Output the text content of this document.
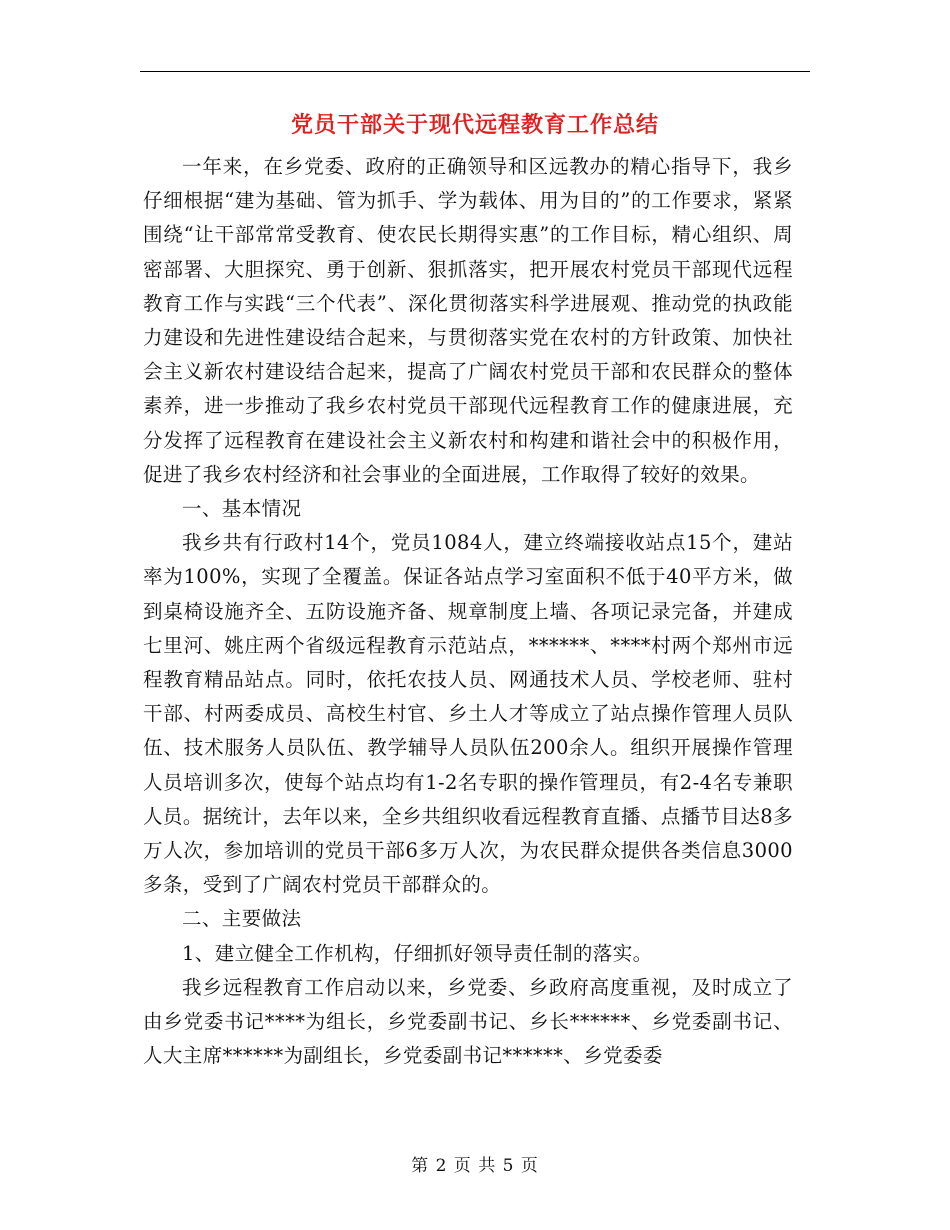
党员干部关于现代远程教育工作总结

一年来，在乡党委、政府的正确领导和区远教办的精心指导下，我乡仔细根据“建为基础、管为抓手、学为载体、用为目的”的工作要求，紧紧围绕“让干部常常受教育、使农民长期得实惠”的工作目标，精心组织、周密部署、大胆探究、勇于创新、狠抓落实，把开展农村党员干部现代远程教育工作与实践“三个代表”、深化贯彻落实科学进展观、推动党的执政能力建设和先进性建设结合起来，与贯彻落实党在农村的方针政策、加快社会主义新农村建设结合起来，提高了广阔农村党员干部和农民群众的整体素养，进一步推动了我乡农村党员干部现代远程教育工作的健康进展，充分发挥了远程教育在建设社会主义新农村和构建和谐社会中的积极作用，促进了我乡农村经济和社会事业的全面进展，工作取得了较好的效果。

一、基本情况

我乡共有行政村14个，党员1084人，建立终端接收站点15个，建站率为100%，实现了全覆盖。保证各站点学习室面积不低于40平方米，做到桌椅设施齐全、五防设施齐备、规章制度上墙、各项记录完备，并建成七里河、姚庄两个省级远程教育示范站点，******、****村两个郑州市远程教育精品站点。同时，依托农技人员、网通技术人员、学校老师、驻村干部、村两委成员、高校生村官、乡土人才等成立了站点操作管理人员队伍、技术服务人员队伍、教学辅导人员队伍200余人。组织开展操作管理人员培训多次，使每个站点均有1-2名专职的操作管理员，有2-4名专兼职人员。据统计，去年以来，全乡共组织收看远程教育直播、点播节目达8多万人次，参加培训的党员干部6多万人次，为农民群众提供各类信息3000多条，受到了广阔农村党员干部群众的。

二、主要做法

1、建立健全工作机构，仔细抓好领导责任制的落实。

我乡远程教育工作启动以来，乡党委、乡政府高度重视，及时成立了由乡党委书记****为组长，乡党委副书记、乡长******、乡党委副书记、人大主席******为副组长，乡党委副书记******、乡党委委

第 2 页 共 5 页
